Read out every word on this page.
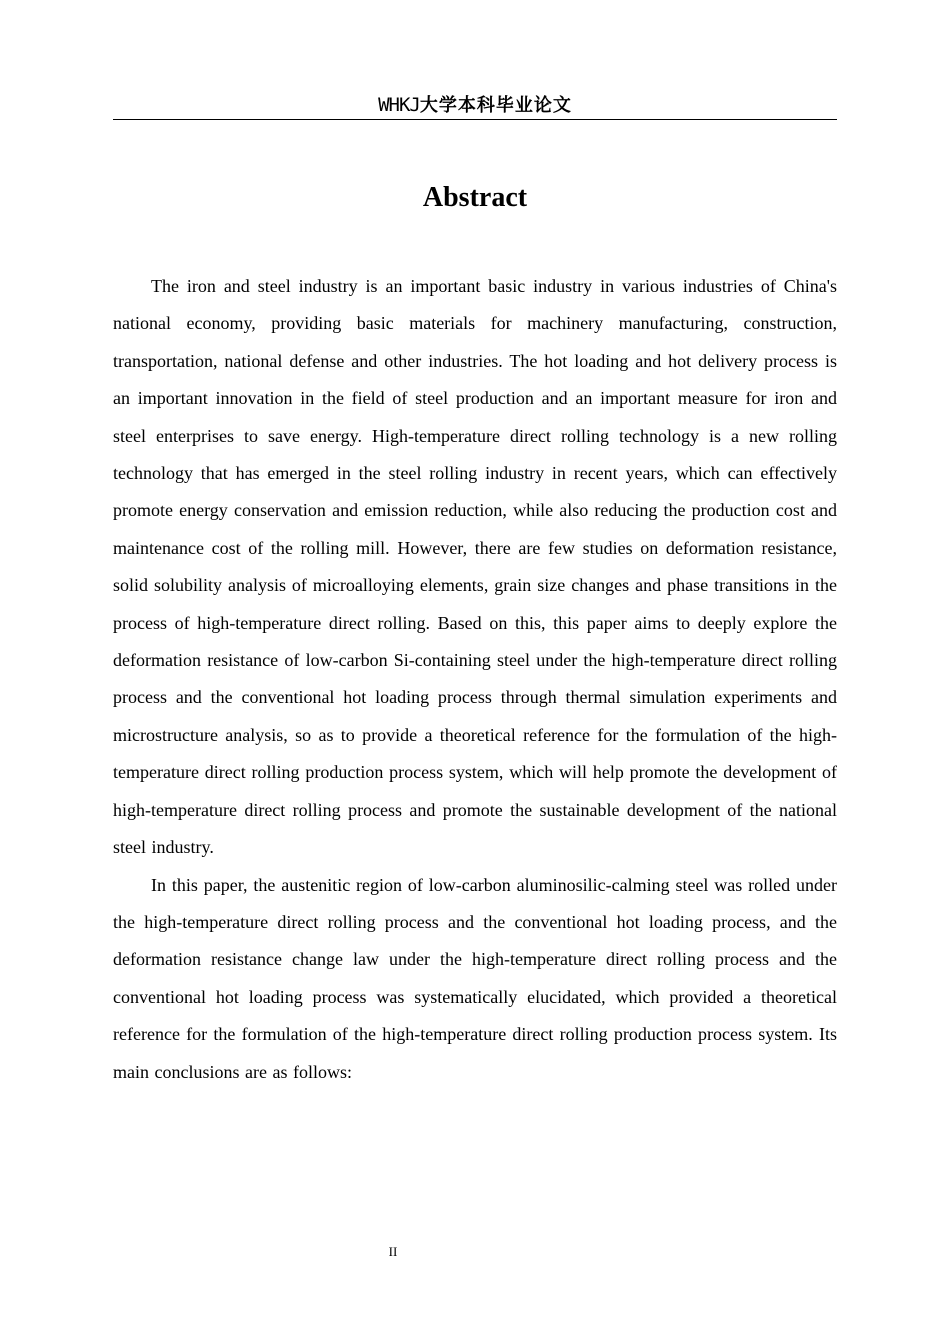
WHKJ大学本科毕业论文
Abstract

The iron and steel industry is an important basic industry in various industries of China's national economy, providing basic materials for machinery manufacturing, construction, transportation, national defense and other industries. The hot loading and hot delivery process is an important innovation in the field of steel production and an important measure for iron and steel enterprises to save energy. High-temperature direct rolling technology is a new rolling technology that has emerged in the steel rolling industry in recent years, which can effectively promote energy conservation and emission reduction, while also reducing the production cost and maintenance cost of the rolling mill. However, there are few studies on deformation resistance, solid solubility analysis of microalloying elements, grain size changes and phase transitions in the process of high-temperature direct rolling. Based on this, this paper aims to deeply explore the deformation resistance of low-carbon Si-containing steel under the high-temperature direct rolling process and the conventional hot loading process through thermal simulation experiments and microstructure analysis, so as to provide a theoretical reference for the formulation of the high-temperature direct rolling production process system, which will help promote the development of high-temperature direct rolling process and promote the sustainable development of the national steel industry.

In this paper, the austenitic region of low-carbon aluminosilic-calming steel was rolled under the high-temperature direct rolling process and the conventional hot loading process, and the deformation resistance change law under the high-temperature direct rolling process and the conventional hot loading process was systematically elucidated, which provided a theoretical reference for the formulation of the high-temperature direct rolling production process system. Its main conclusions are as follows:

II
